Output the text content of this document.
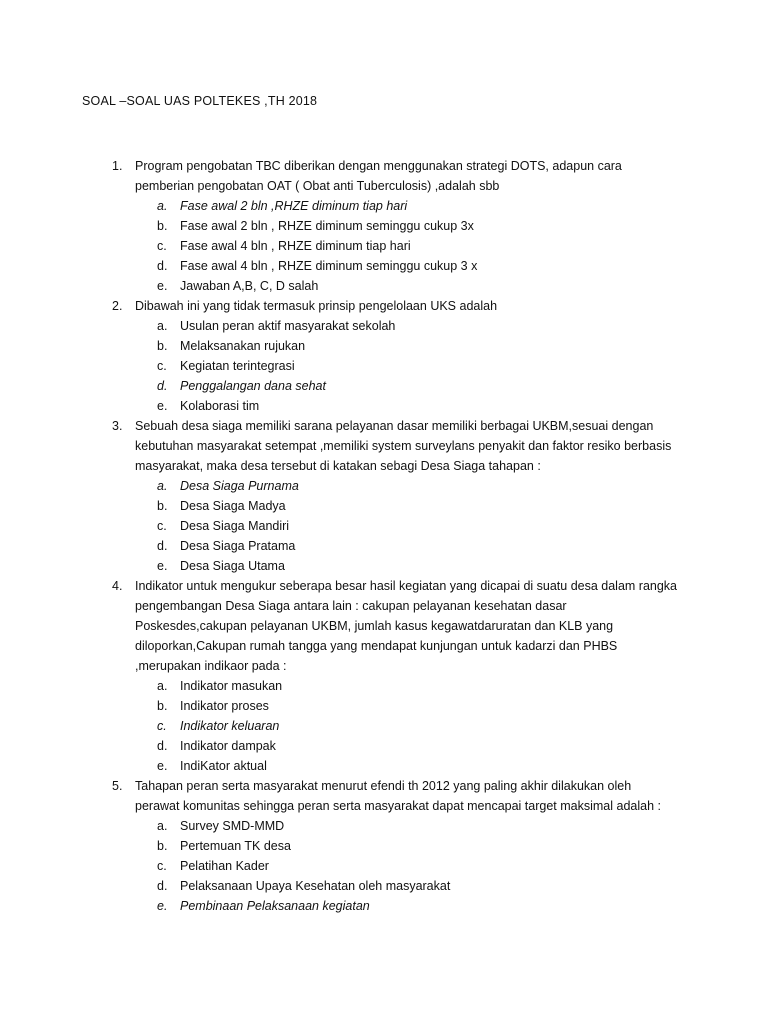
SOAL –SOAL UAS POLTEKES ,TH 2018
1. Program pengobatan TBC diberikan dengan menggunakan strategi DOTS, adapun cara pemberian pengobatan OAT ( Obat anti Tuberculosis) ,adalah sbb
a. Fase awal 2 bln ,RHZE diminum tiap hari
b. Fase awal 2 bln , RHZE diminum seminggu cukup 3x
c. Fase awal 4 bln , RHZE diminum tiap hari
d. Fase awal 4 bln , RHZE diminum seminggu cukup 3 x
e. Jawaban A,B, C, D salah
2. Dibawah ini yang tidak termasuk prinsip pengelolaan UKS adalah
a. Usulan peran aktif masyarakat sekolah
b. Melaksanakan rujukan
c. Kegiatan terintegrasi
d. Penggalangan dana sehat
e. Kolaborasi tim
3. Sebuah desa siaga memiliki sarana pelayanan dasar memiliki berbagai UKBM,sesuai dengan kebutuhan masyarakat setempat ,memiliki system surveylans penyakit dan faktor resiko berbasis masyarakat, maka desa tersebut di katakan sebagi Desa Siaga tahapan :
a. Desa Siaga Purnama
b. Desa Siaga Madya
c. Desa Siaga Mandiri
d. Desa Siaga Pratama
e. Desa Siaga Utama
4. Indikator untuk mengukur seberapa besar hasil kegiatan yang dicapai di suatu desa dalam rangka pengembangan Desa Siaga antara lain : cakupan pelayanan kesehatan dasar Poskesdes,cakupan pelayanan UKBM, jumlah kasus kegawatdaruratan dan KLB yang diloporkan,Cakupan rumah tangga yang mendapat kunjungan untuk kadarzi dan PHBS ,merupakan indikaor pada :
a. Indikator masukan
b. Indikator proses
c. Indikator keluaran
d. Indikator dampak
e. IndiKator aktual
5. Tahapan peran serta masyarakat menurut efendi th 2012 yang paling akhir dilakukan oleh perawat komunitas sehingga peran serta masyarakat dapat mencapai target maksimal adalah :
a. Survey SMD-MMD
b. Pertemuan TK desa
c. Pelatihan Kader
d. Pelaksanaan Upaya Kesehatan oleh masyarakat
e. Pembinaan Pelaksanaan kegiatan
